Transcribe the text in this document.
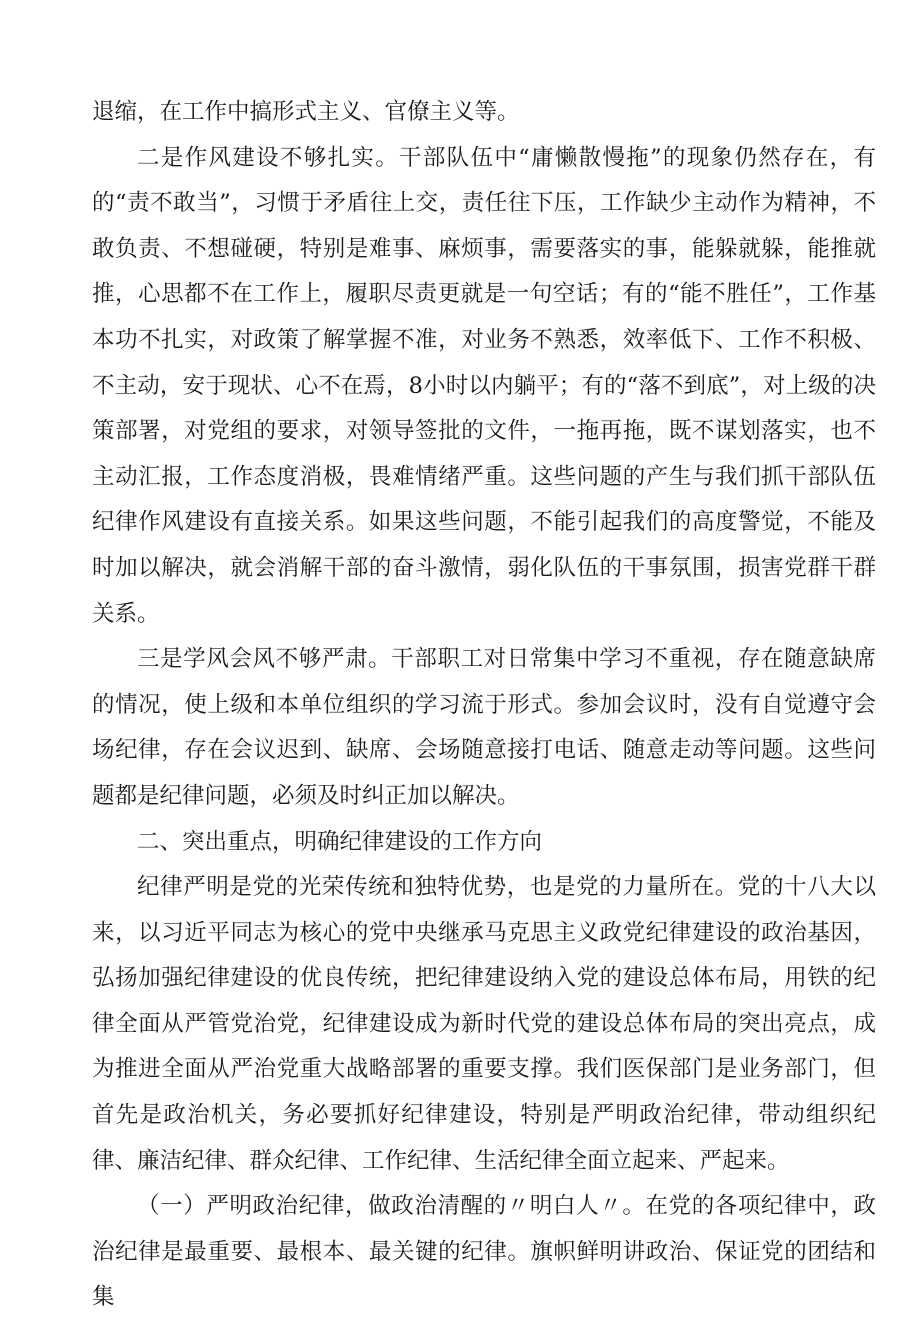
退缩，在工作中搞形式主义、官僚主义等。

二是作风建设不够扎实。干部队伍中“庸懒散慢拖”的现象仍然存在，有的“责不敢当”，习惯于矛盾往上交，责任往下压，工作缺少主动作为精神，不敢负责、不想碰硬，特别是难事、麻烦事，需要落实的事，能躲就躲，能推就推，心思都不在工作上，履职尽责更就是一句空话；有的“能不胜任”，工作基本功不扎实，对政策了解掌握不准，对业务不熟悉，效率低下、工作不积极、不主动，安于现状、心不在焉，8小时以内躺平；有的“落不到底”，对上级的决策部署，对党组的要求，对领导签批的文件，一拖再拖，既不谋划落实，也不主动汇报，工作态度消极，畏难情绪严重。这些问题的产生与我们抓干部队伍纪律作风建设有直接关系。如果这些问题，不能引起我们的高度警觉，不能及时加以解决，就会消解干部的奋斗激情，弱化队伍的干事氛围，损害党群干群关系。

三是学风会风不够严肃。干部职工对日常集中学习不重视，存在随意缺席的情况，使上级和本单位组织的学习流于形式。参加会议时，没有自觉遵守会场纪律，存在会议迟到、缺席、会场随意接打电话、随意走动等问题。这些问题都是纪律问题，必须及时纠正加以解决。

二、突出重点，明确纪律建设的工作方向

纪律严明是党的光荣传统和独特优势，也是党的力量所在。党的十八大以来，以习近平同志为核心的党中央继承马克思主义政党纪律建设的政治基因，弘扬加强纪律建设的优良传统，把纪律建设纳入党的建设总体布局，用铁的纪律全面从严管党治党，纪律建设成为新时代党的建设总体布局的突出亮点，成为推进全面从严治党重大战略部署的重要支撑。我们医保部门是业务部门，但首先是政治机关，务必要抓好纪律建设，特别是严明政治纪律，带动组织纪律、廉洁纪律、群众纪律、工作纪律、生活纪律全面立起来、严起来。

（一）严明政治纪律，做政治清醒的〃明白人〃。在党的各项纪律中，政治纪律是最重要、最根本、最关键的纪律。旗帜鲜明讲政治、保证党的团结和集
